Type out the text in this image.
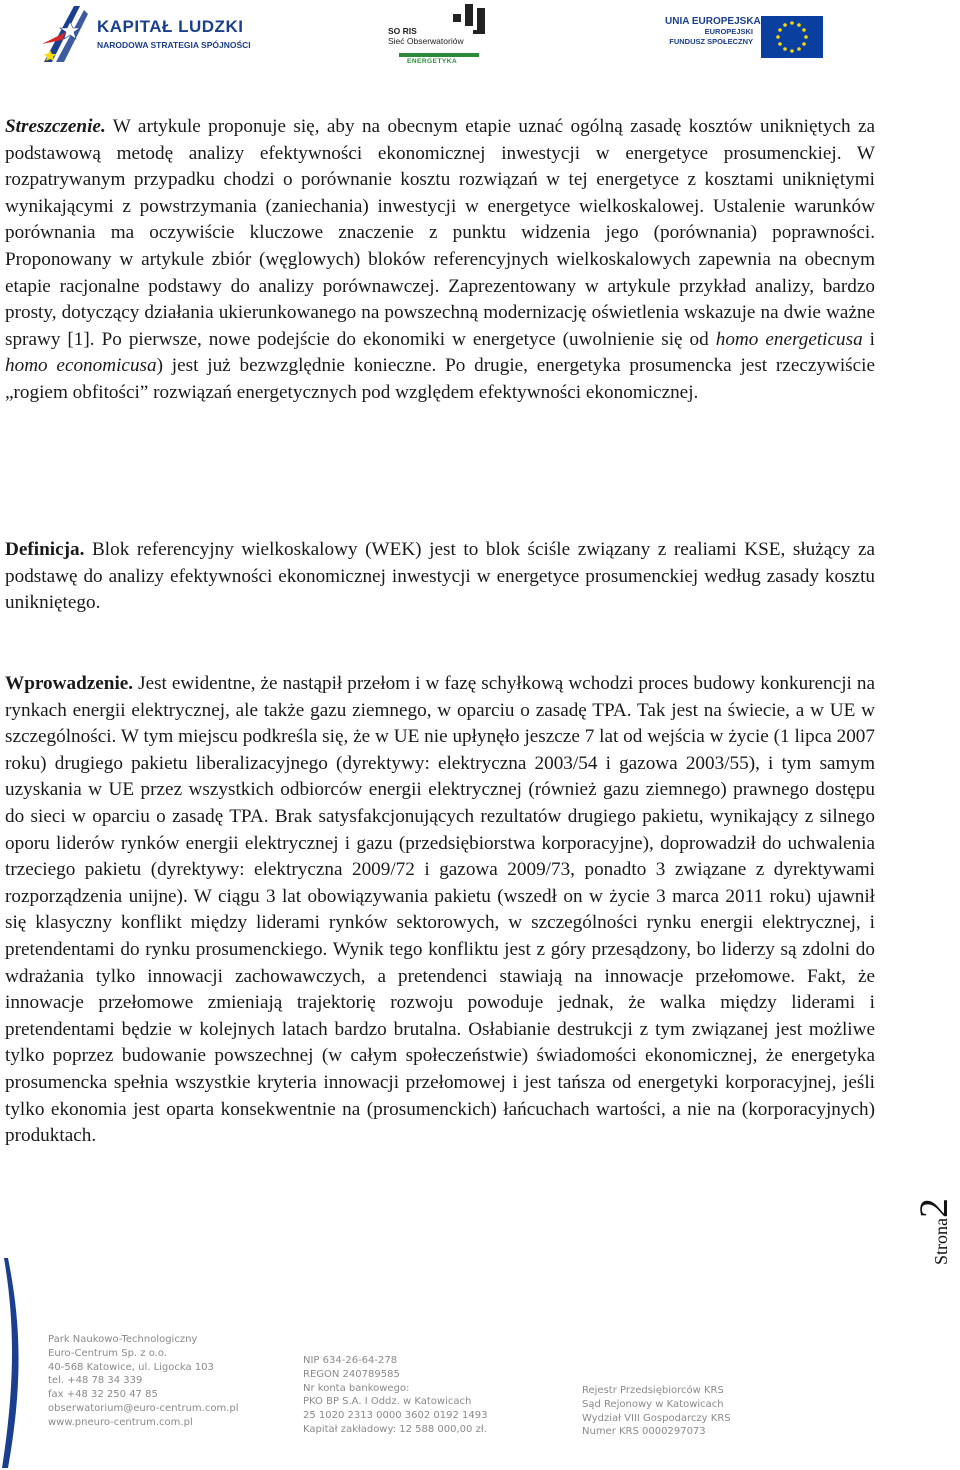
KAPITAŁ LUDZKI
NARODOWA STRATEGIA SPÓJNOŚCI
SO RIS
Sieć Obserwatoriów
ENERGETYKA
UNIA EUROPEJSKA
EUROPEJSKI
FUNDUSZ SPOŁECZNY
Streszczenie. W artykule proponuje się, aby na obecnym etapie uznać ogólną zasadę kosztów unikniętych za podstawową metodę analizy efektywności ekonomicznej inwestycji w energetyce prosumenckiej. W rozpatrywanym przypadku chodzi o porównanie kosztu rozwiązań w tej energetyce z kosztami unikniętymi wynikającymi z powstrzymania (zaniechania) inwestycji w energetyce wielkoskalowej. Ustalenie warunków porównania ma oczywiście kluczowe znaczenie z punktu widzenia jego (porównania) poprawności. Proponowany w artykule zbiór (węglowych) bloków referencyjnych wielkoskalowych zapewnia na obecnym etapie racjonalne podstawy do analizy porównawczej. Zaprezentowany w artykule przykład analizy, bardzo prosty, dotyczący działania ukierunkowanego na powszechną modernizację oświetlenia wskazuje na dwie ważne sprawy [1]. Po pierwsze, nowe podejście do ekonomiki w energetyce (uwolnienie się od homo energeticusa i homo economicusa) jest już bezwzględnie konieczne. Po drugie, energetyka prosumencka jest rzeczywiście „rogiem obfitości” rozwiązań energetycznych pod względem efektywności ekonomicznej.
Definicja. Blok referencyjny wielkoskalowy (WEK) jest to blok ściśle związany z realiami KSE, służący za podstawę do analizy efektywności ekonomicznej inwestycji w energetyce prosumenckiej według zasady kosztu unikniętego.
Wprowadzenie. Jest ewidentne, że nastąpił przełom i w fazę schyłkową wchodzi proces budowy konkurencji na rynkach energii elektrycznej, ale także gazu ziemnego, w oparciu o zasadę TPA. Tak jest na świecie, a w UE w szczególności. W tym miejscu podkreśla się, że w UE nie upłynęło jeszcze 7 lat od wejścia w życie (1 lipca 2007 roku) drugiego pakietu liberalizacyjnego (dyrektywy: elektryczna 2003/54 i gazowa 2003/55), i tym samym uzyskania w UE przez wszystkich odbiorców energii elektrycznej (również gazu ziemnego) prawnego dostępu do sieci w oparciu o zasadę TPA. Brak satysfakcjonujących rezultatów drugiego pakietu, wynikający z silnego oporu liderów rynków energii elektrycznej i gazu (przedsiębiorstwa korporacyjne), doprowadził do uchwalenia trzeciego pakietu (dyrektywy: elektryczna 2009/72 i gazowa 2009/73, ponadto 3 związane z dyrektywami rozporządzenia unijne). W ciągu 3 lat obowiązywania pakietu (wszedł on w życie 3 marca 2011 roku) ujawnił się klasyczny konflikt między liderami rynków sektorowych, w szczególności rynku energii elektrycznej, i pretendentami do rynku prosumenckiego. Wynik tego konfliktu jest z góry przesądzony, bo liderzy są zdolni do wdrażania tylko innowacji zachowawczych, a pretendenci stawiają na innowacje przełomowe. Fakt, że innowacje przełomowe zmieniają trajektorię rozwoju powoduje jednak, że walka między liderami i pretendentami będzie w kolejnych latach bardzo brutalna. Osłabianie destrukcji z tym związanej jest możliwe tylko poprzez budowanie powszechnej (w całym społeczeństwie) świadomości ekonomicznej, że energetyka prosumencka spełnia wszystkie kryteria innowacji przełomowej i jest tańsza od energetyki korporacyjnej, jeśli tylko ekonomia jest oparta konsekwentnie na (prosumenckich) łańcuchach wartości, a nie na (korporacyjnych) produktach.
Strona2
Park Naukowo-Technologiczny
Euro-Centrum Sp. z o.o.
40-568 Katowice, ul. Ligocka 103
tel. +48 78 34 339
fax +48 32 250 47 85
obserwatorium@euro-centrum.com.pl
www.pneuro-centrum.com.pl
NIP 634-26-64-278
REGON 240789585
Nr konta bankowego:
PKO BP S.A. I Oddz. w Katowicach
25 1020 2313 0000 3602 0192 1493
Kapitał zakładowy: 12 588 000,00 zł.
Rejestr Przedsiębiorców KRS
Sąd Rejonowy w Katowicach
Wydział VIII Gospodarczy KRS
Numer KRS 0000297073
